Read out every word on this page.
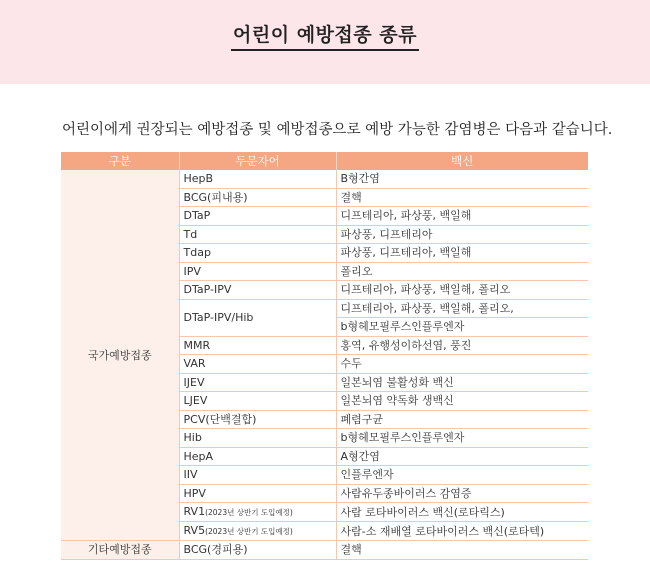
어린이 예방접종 종류
어린이에게 권장되는 예방접종 및 예방접종으로 예방 가능한 감염병은 다음과 같습니다.
구분	두문자어	백신
국가예방접종	HepB	B형간염
	BCG(피내용)	결핵
	DTaP	디프테리아, 파상풍, 백일해
	Td	파상풍, 디프테리아
	Tdap	파상풍, 디프테리아, 백일해
	IPV	폴리오
	DTaP-IPV	디프테리아, 파상풍, 백일해, 폴리오
	DTaP-IPV/Hib	디프테리아, 파상풍, 백일해, 폴리오,
		b형헤모필루스인플루엔자
	MMR	홍역, 유행성이하선염, 풍진
	VAR	수두
	IJEV	일본뇌염 불활성화 백신
	LJEV	일본뇌염 약독화 생백신
	PCV(단백결합)	폐렴구균
	Hib	b형헤모필루스인플루엔자
	HepA	A형간염
	IIV	인플루엔자
	HPV	사람유두종바이러스 감염증
	RV1(2023년 상반기 도입예정)	사람 로타바이러스 백신(로타릭스)
	RV5(2023년 상반기 도입예정)	사람-소 재배열 로타바이러스 백신(로타텍)
기타예방접종	BCG(경피용)	결핵
